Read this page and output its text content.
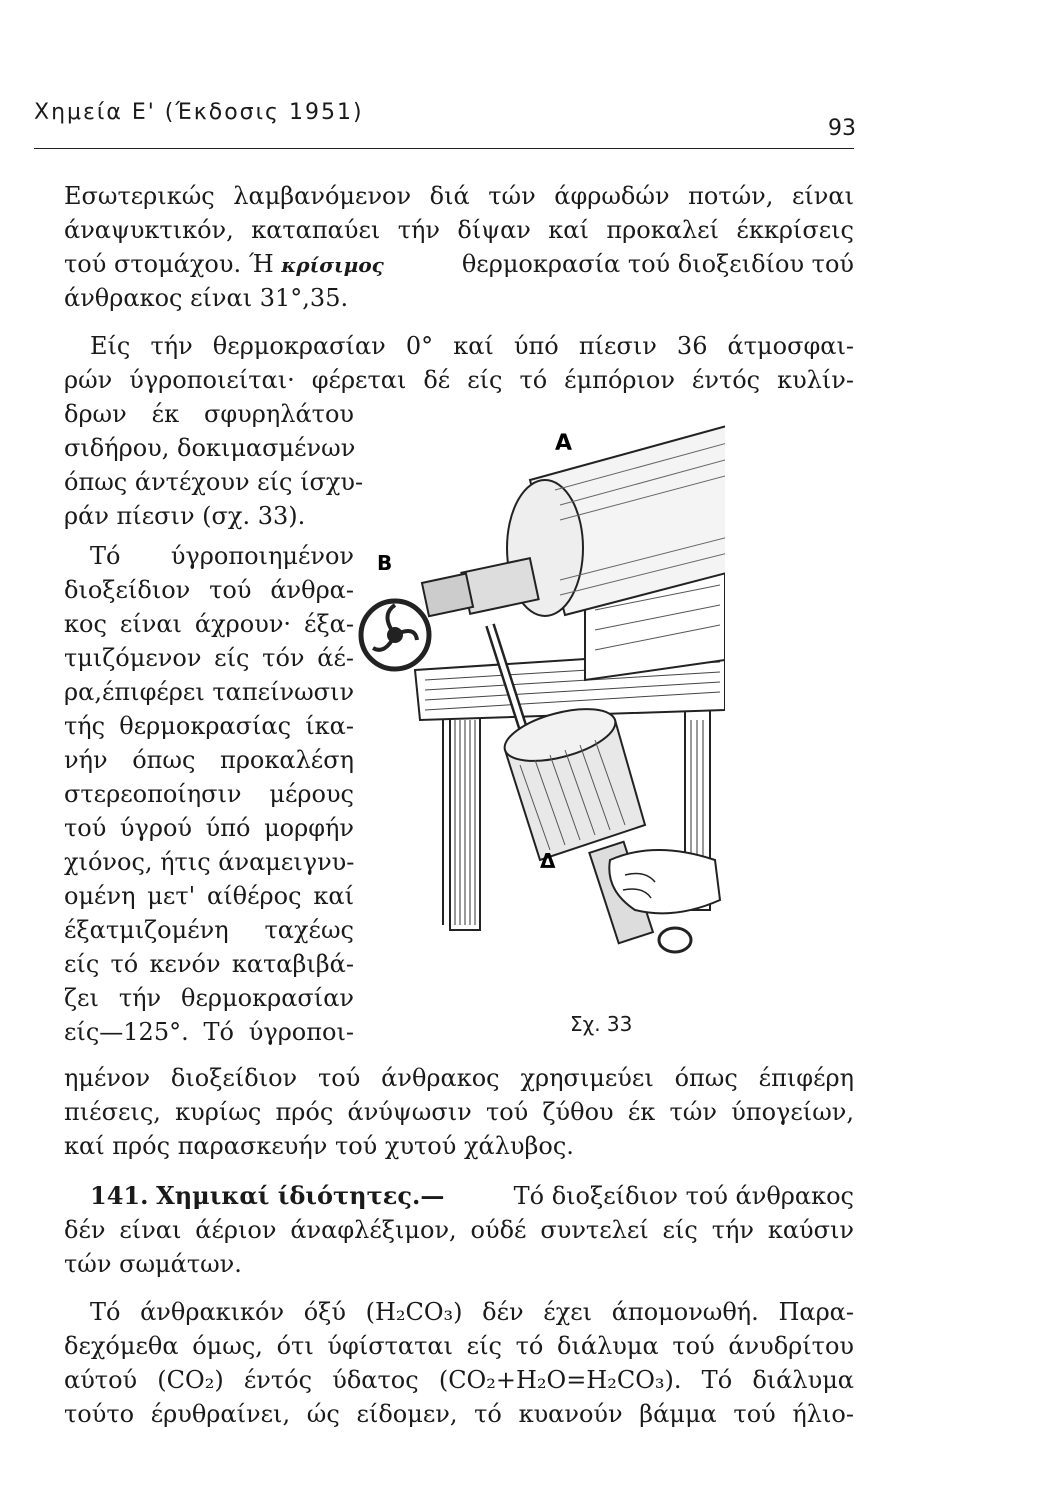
Χημεία Ε' (Έκδοσις 1951)
93
Εσωτερικώς λαμβανόμενον διά τών άφρωδών ποτών, είναι
άναψυκτικόν, καταπαύει τήν δίψαν καί προκαλεί έκκρίσεις
τού στομάχου. Ή κρίσιμος	θερμοκρασία τού διοξειδίου τού
άνθρακος είναι 31°,35.
Είς τήν θερμοκρασίαν 0° καί ύπό πίεσιν 36 άτμοσφαι-
ρών ύγροποιείται· φέρεται δέ είς τό έμπόριον έντός κυλίν-
δρων έκ σφυρηλάτου
σιδήρου, δοκιμασμένων
όπως άντέχουν είς ίσχυ-
ράν πίεσιν (σχ. 33).
Τό ύγροποιημένον
διοξείδιον τού άνθρα-
κος είναι άχρουν· έξα-
τμιζόμενον είς τόν άέ-
ρα,έπιφέρει ταπείνωσιν
τής θερμοκρασίας ίκα-
νήν όπως προκαλέση
στερεοποίησιν μέρους
τού ύγρού ύπό μορφήν
χιόνος, ήτις άναμειγνυ-
ομένη μετ' αίθέρος καί
έξατμιζομένη ταχέως
είς τό κενόν καταβιβά-
ζει τήν θερμοκρασίαν
είς—125°. Τό ύγροποι-
ημένον διοξείδιον τού άνθρακος χρησιμεύει όπως έπιφέρη
πιέσεις, κυρίως πρός άνύψωσιν τού ζύθου έκ τών ύπογείων,
καί πρός παρασκευήν τού χυτού χάλυβος.
141. Χημικαί ίδιότητες.—	Τό διοξείδιον τού άνθρακος
δέν είναι άέριον άναφλέξιμον, ούδέ συντελεί είς τήν καύσιν
τών σωμάτων.
Τό άνθρακικόν όξύ (H₂CO₃) δέν έχει άπομονωθή. Παρα-
δεχόμεθα όμως, ότι ύφίσταται είς τό διάλυμα τού άνυδρίτου
αύτού (CO₂) έντός ύδατος (CO₂+H₂O=H₂CO₃). Τό διάλυμα
τούτο έρυθραίνει, ώς είδομεν, τό κυανούν βάμμα τού ήλιο-
Α
Β
Δ
Σχ. 33
